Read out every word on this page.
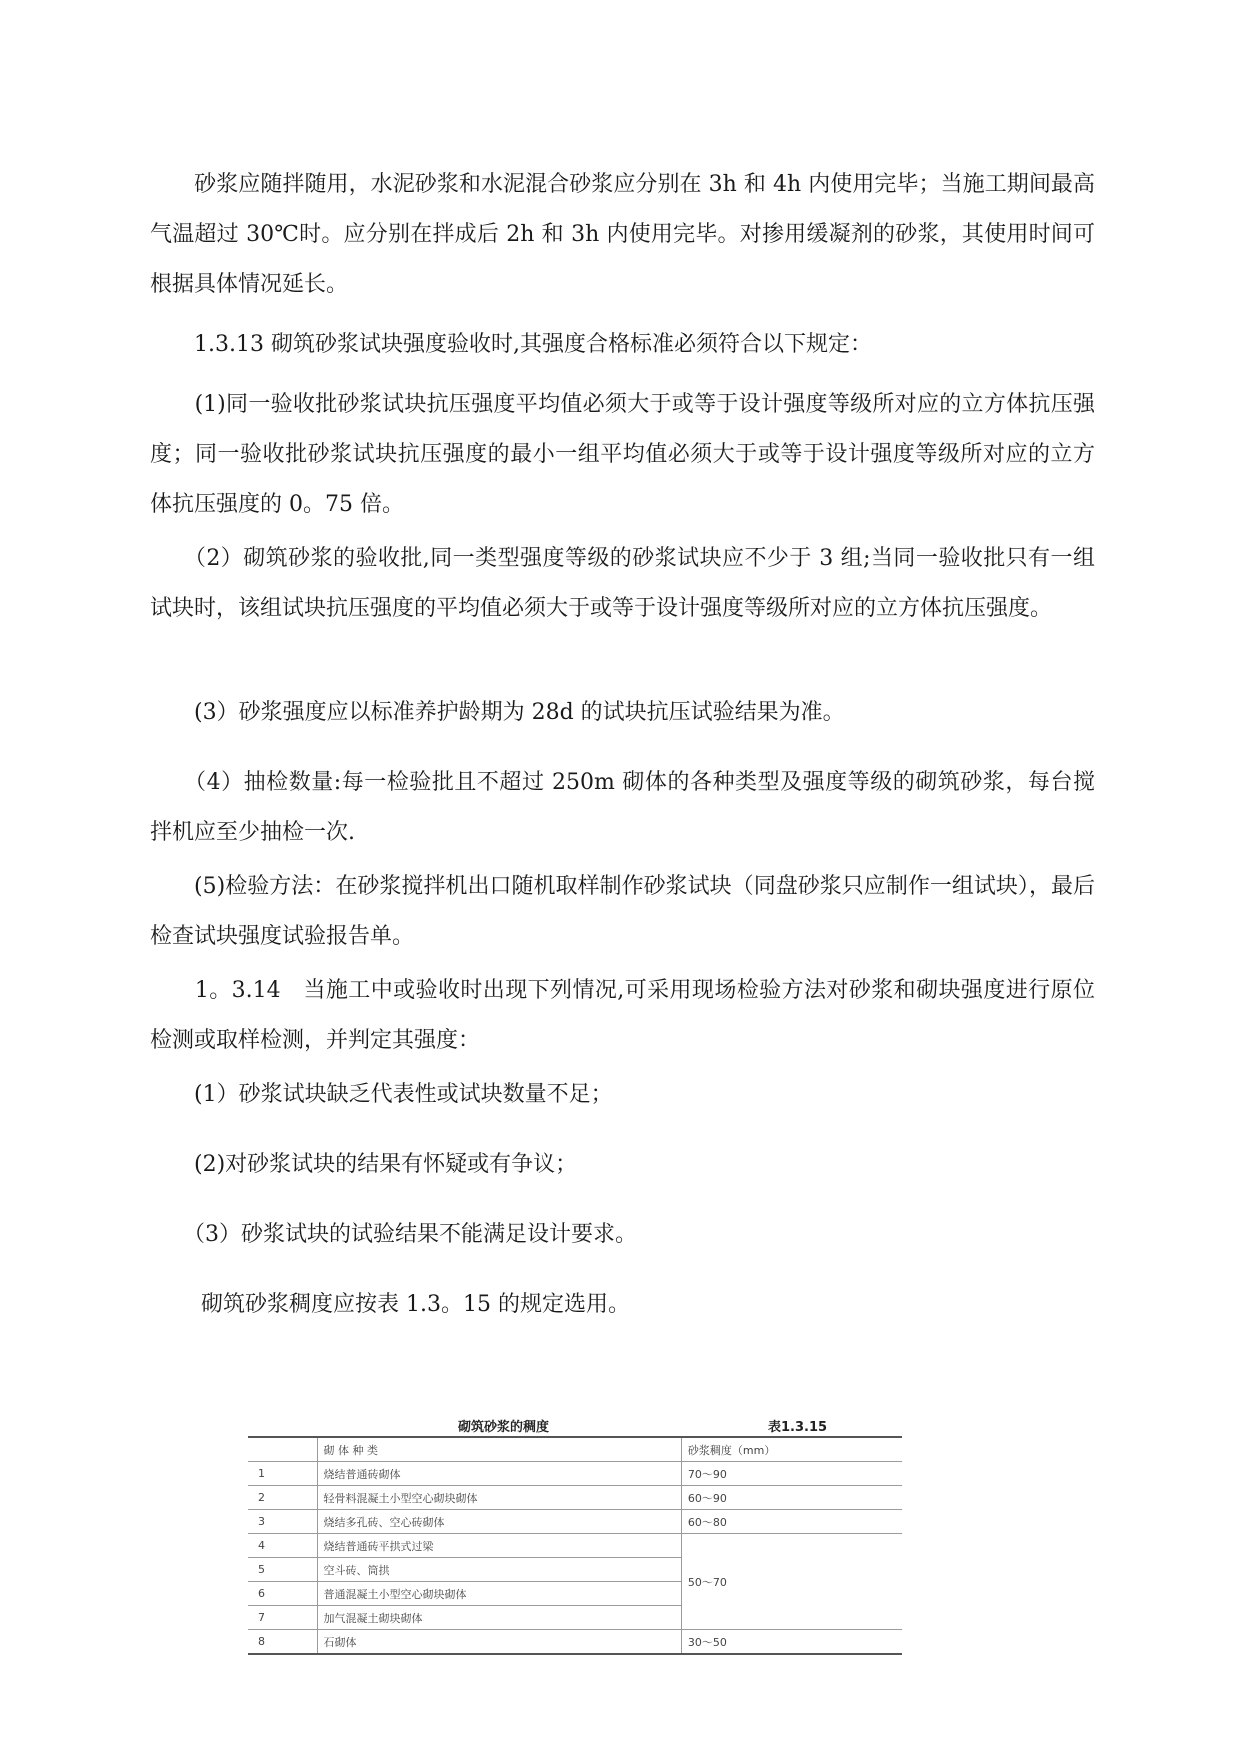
　　砂浆应随拌随用，水泥砂浆和水泥混合砂浆应分别在 3h 和 4h 内使用完毕；当施工期间最高气温超过 30℃时。应分别在拌成后 2h 和 3h 内使用完毕。对掺用缓凝剂的砂浆，其使用时间可根据具体情况延长。

　　1.3.13 砌筑砂浆试块强度验收时,其强度合格标准必须符合以下规定：

　　(1)同一验收批砂浆试块抗压强度平均值必须大于或等于设计强度等级所对应的立方体抗压强度；同一验收批砂浆试块抗压强度的最小一组平均值必须大于或等于设计强度等级所对应的立方体抗压强度的 0。75 倍。

　　（2）砌筑砂浆的验收批,同一类型强度等级的砂浆试块应不少于 3 组;当同一验收批只有一组试块时，该组试块抗压强度的平均值必须大于或等于设计强度等级所对应的立方体抗压强度。

　　(3）砂浆强度应以标准养护龄期为 28d 的试块抗压试验结果为准。

　　（4）抽检数量:每一检验批且不超过 250m 砌体的各种类型及强度等级的砌筑砂浆，每台搅拌机应至少抽检一次.

　　(5)检验方法：在砂浆搅拌机出口随机取样制作砂浆试块（同盘砂浆只应制作一组试块），最后检查试块强度试验报告单。

　　1。3.14　当施工中或验收时出现下列情况,可采用现场检验方法对砂浆和砌块强度进行原位检测或取样检测，并判定其强度：

　　(1）砂浆试块缺乏代表性或试块数量不足；

　　(2)对砂浆试块的结果有怀疑或有争议；

　　（3）砂浆试块的试验结果不能满足设计要求。

　　 砌筑砂浆稠度应按表 1.3。15 的规定选用。

砌筑砂浆的稠度	表1.3.15
	砌 体 种 类	砂浆稠度（mm）
1	烧结普通砖砌体	70～90
2	轻骨料混凝土小型空心砌块砌体	60～90
3	烧结多孔砖、空心砖砌体	60～80
4	烧结普通砖平拱式过梁	50～70
5	空斗砖、筒拱	
6	普通混凝土小型空心砌块砌体	
7	加气混凝土砌块砌体	
8	石砌体	30～50
